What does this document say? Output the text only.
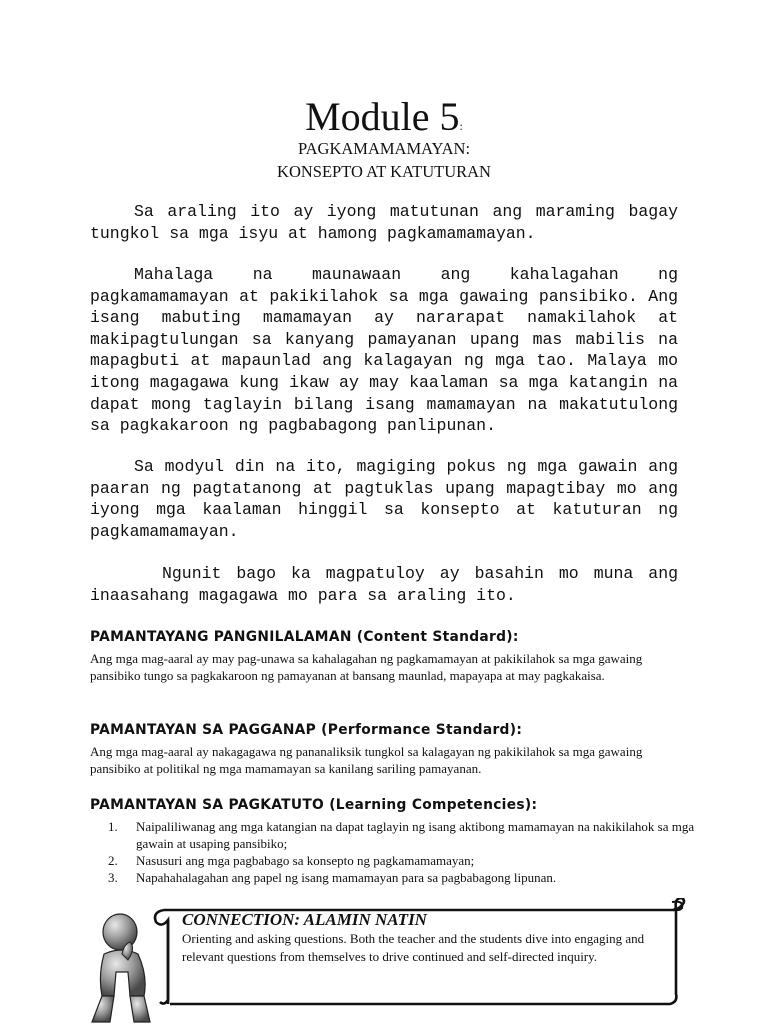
Module 5:
PAGKAMAMAMAYAN:
KONSEPTO AT KATUTURAN
Sa araling ito ay iyong matutunan ang maraming bagay tungkol sa mga isyu at hamong pagkamamamayan.
Mahalaga na maunawaan ang kahalagahan ng pagkamamamayan at pakikilahok sa mga gawaing pansibiko. Ang isang mabuting mamamayan ay nararapat namakilahok at makipagtulungan sa kanyang pamayanan upang mas mabilis na mapagbuti at mapaunlad ang kalagayan ng mga tao. Malaya mo itong magagawa kung ikaw ay may kaalaman sa mga katangin na dapat mong taglayin bilang isang mamamayan na makatutulong sa pagkakaroon ng pagbabagong panlipunan.
Sa modyul din na ito, magiging pokus ng mga gawain ang paaran ng pagtatanong at pagtuklas upang mapagtibay mo ang iyong mga kaalaman hinggil sa konsepto at katuturan ng pagkamamamayan.
Ngunit bago ka magpatuloy ay basahin mo muna ang inaasahang magagawa mo para sa araling ito.
PAMANTAYANG PANGNILALAMAN (Content Standard):
Ang mga mag-aaral ay may pag-unawa sa kahalagahan ng pagkamamayan at pakikilahok sa mga gawaing pansibiko tungo sa pagkakaroon ng pamayanan at bansang maunlad, mapayapa at may pagkakaisa.
PAMANTAYAN SA PAGGANAP (Performance Standard):
Ang mga mag-aaral ay nakagagawa ng pananaliksik tungkol sa kalagayan ng pakikilahok sa mga gawaing pansibiko at politikal ng mga mamamayan sa kanilang sariling pamayanan.
PAMANTAYAN SA PAGKATUTO (Learning Competencies):
1.	Naipaliliwanag ang mga katangian na dapat taglayin ng isang aktibong mamamayan na nakikilahok sa mga gawain at usaping pansibiko;
2.	Nasusuri ang mga pagbabago sa konsepto ng pagkamamamayan;
3.	Napahahalagahan ang papel ng isang mamamayan para sa pagbabagong lipunan.
CONNECTION: ALAMIN NATIN
Orienting and asking questions. Both the teacher and the students dive into engaging and relevant questions from themselves to drive continued and self-directed inquiry.
